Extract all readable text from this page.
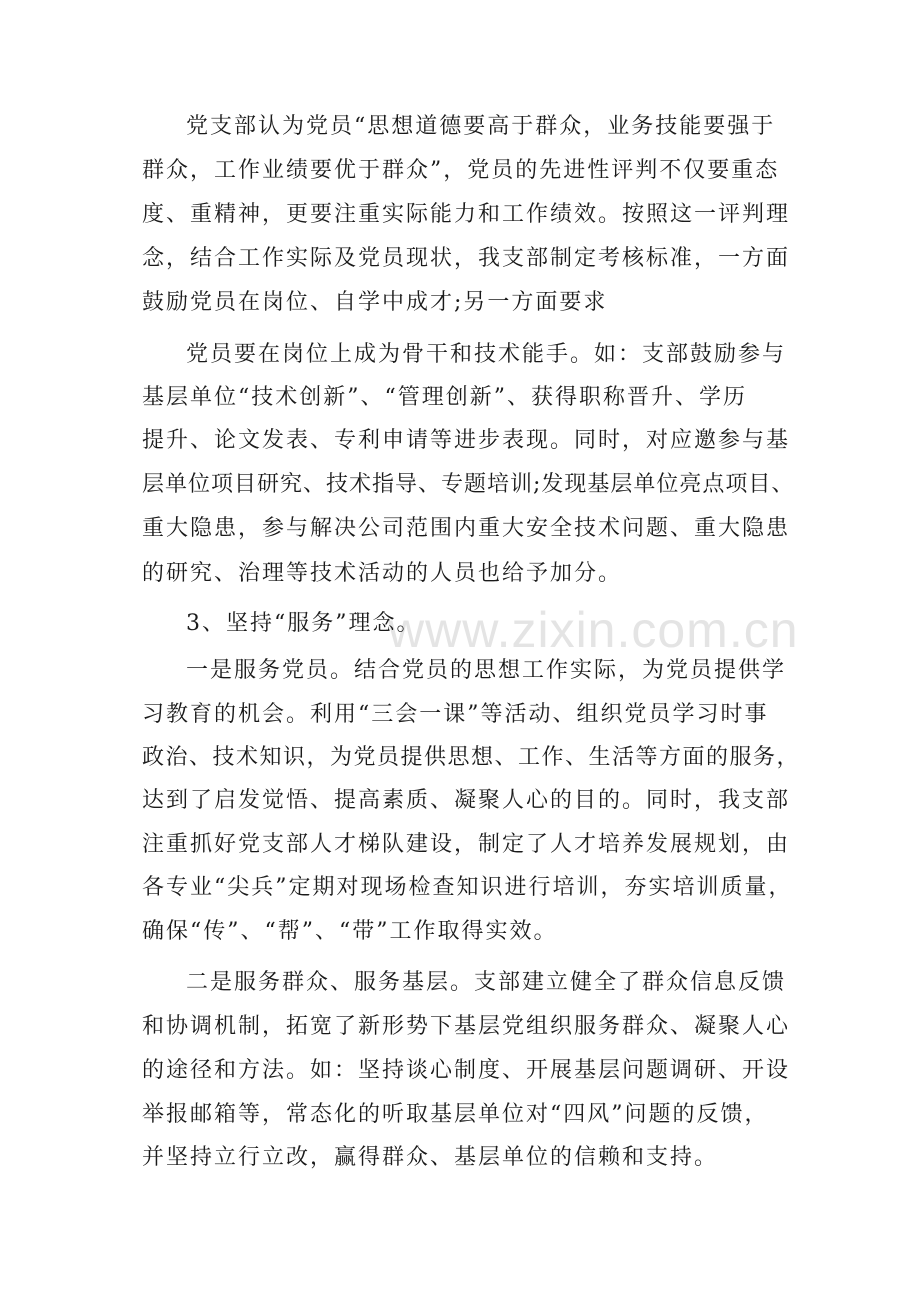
www.zixin.com.cn

党支部认为党员“思想道德要高于群众，业务技能要强于

群众，工作业绩要优于群众”，党员的先进性评判不仅要重态

度、重精神，更要注重实际能力和工作绩效。按照这一评判理

念，结合工作实际及党员现状，我支部制定考核标准，一方面

鼓励党员在岗位、自学中成才;另一方面要求

党员要在岗位上成为骨干和技术能手。如：支部鼓励参与

基层单位“技术创新”、“管理创新”、获得职称晋升、学历

提升、论文发表、专利申请等进步表现。同时，对应邀参与基

层单位项目研究、技术指导、专题培训;发现基层单位亮点项目、

重大隐患，参与解决公司范围内重大安全技术问题、重大隐患

的研究、治理等技术活动的人员也给予加分。

3、坚持“服务”理念。

一是服务党员。结合党员的思想工作实际，为党员提供学

习教育的机会。利用“三会一课”等活动、组织党员学习时事

政治、技术知识，为党员提供思想、工作、生活等方面的服务，

达到了启发觉悟、提高素质、凝聚人心的目的。同时，我支部

注重抓好党支部人才梯队建设，制定了人才培养发展规划，由

各专业“尖兵”定期对现场检查知识进行培训，夯实培训质量，

确保“传”、“帮”、“带”工作取得实效。

二是服务群众、服务基层。支部建立健全了群众信息反馈

和协调机制，拓宽了新形势下基层党组织服务群众、凝聚人心

的途径和方法。如：坚持谈心制度、开展基层问题调研、开设

举报邮箱等，常态化的听取基层单位对“四风”问题的反馈，

并坚持立行立改，赢得群众、基层单位的信赖和支持。
